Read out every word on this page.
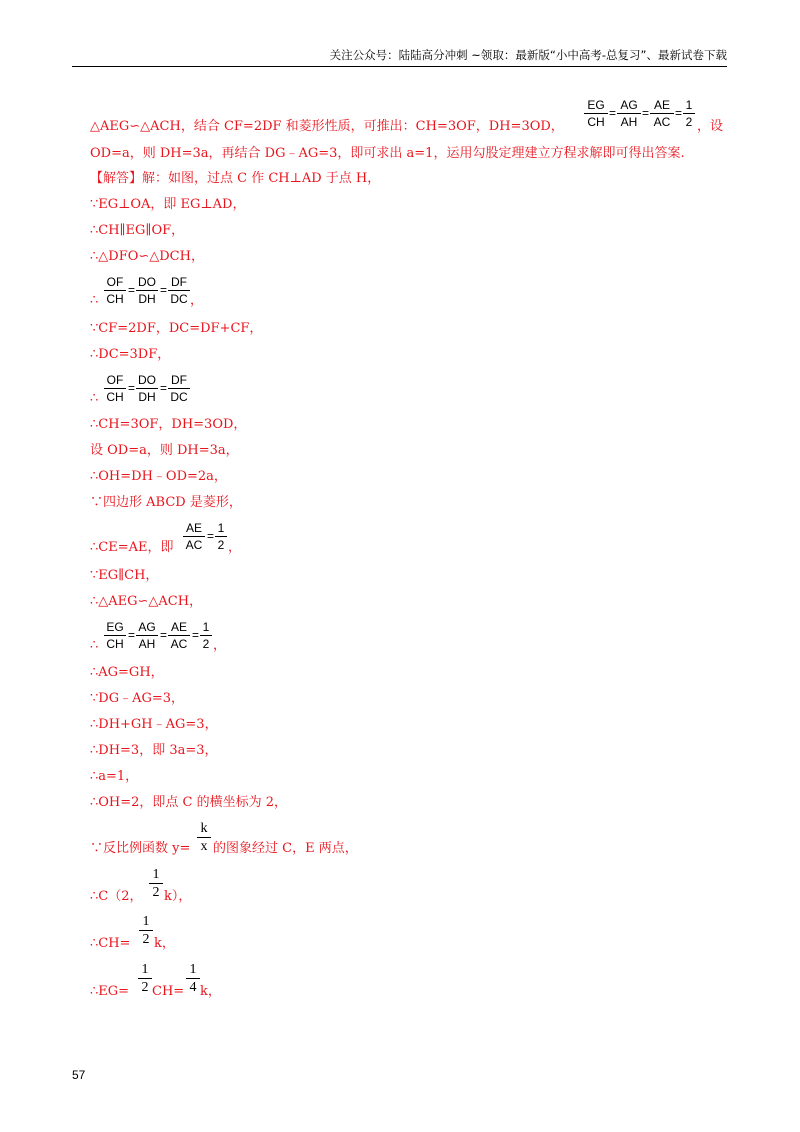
关注公众号：陆陆高分冲刺 ~领取：最新版“小中高考-总复习”、最新试卷下载
$\frac{EG}{CH} = \frac{AG}{AH} = \frac{AE}{AC} = \frac{1}{2}$ ，设
△AEG∽△ACH，结合 CF=2DF 和菱形性质，可推出：CH=3OF，DH=3OD，
OD=a，则 DH=3a，再结合 DG﹣AG=3，即可求出 a=1，运用勾股定理建立方程求解即可得出答案.
【解答】解：如图，过点 C 作 CH⊥AD 于点 H，
∵EG⊥OA，即 EG⊥AD，
∴CH∥EG∥OF，
∴△DFO∽△DCH，
∴ $\frac{OF}{CH} = \frac{DO}{DH} = \frac{DF}{DC}$ ，
∵CF=2DF，DC=DF+CF，
∴DC=3DF，
∴ $\frac{OF}{CH} = \frac{DO}{DH} = \frac{DF}{DC}$
∴CH=3OF，DH=3OD，
设 OD=a，则 DH=3a，
∴OH=DH﹣OD=2a，
∵四边形 ABCD 是菱形，
∴CE=AE，即 $\frac{AE}{AC} = \frac{1}{2}$ ，
∵EG∥CH，
∴△AEG∽△ACH，
∴ $\frac{EG}{CH} = \frac{AG}{AH} = \frac{AE}{AC} = \frac{1}{2}$ ，
∴AG=GH，
∵DG﹣AG=3，
∴DH+GH﹣AG=3，
∴DH=3，即 3a=3，
∴a=1，
∴OH=2，即点 C 的横坐标为 2，
∵反比例函数 $y= \frac{k}{x}$ 的图象经过 C，E 两点，
∴C（2， $\frac{1}{2} k$），
∴CH= $\frac{1}{2}$ k，
∴EG= $\frac{1}{2} CH= \frac{1}{4}$ k，
57
